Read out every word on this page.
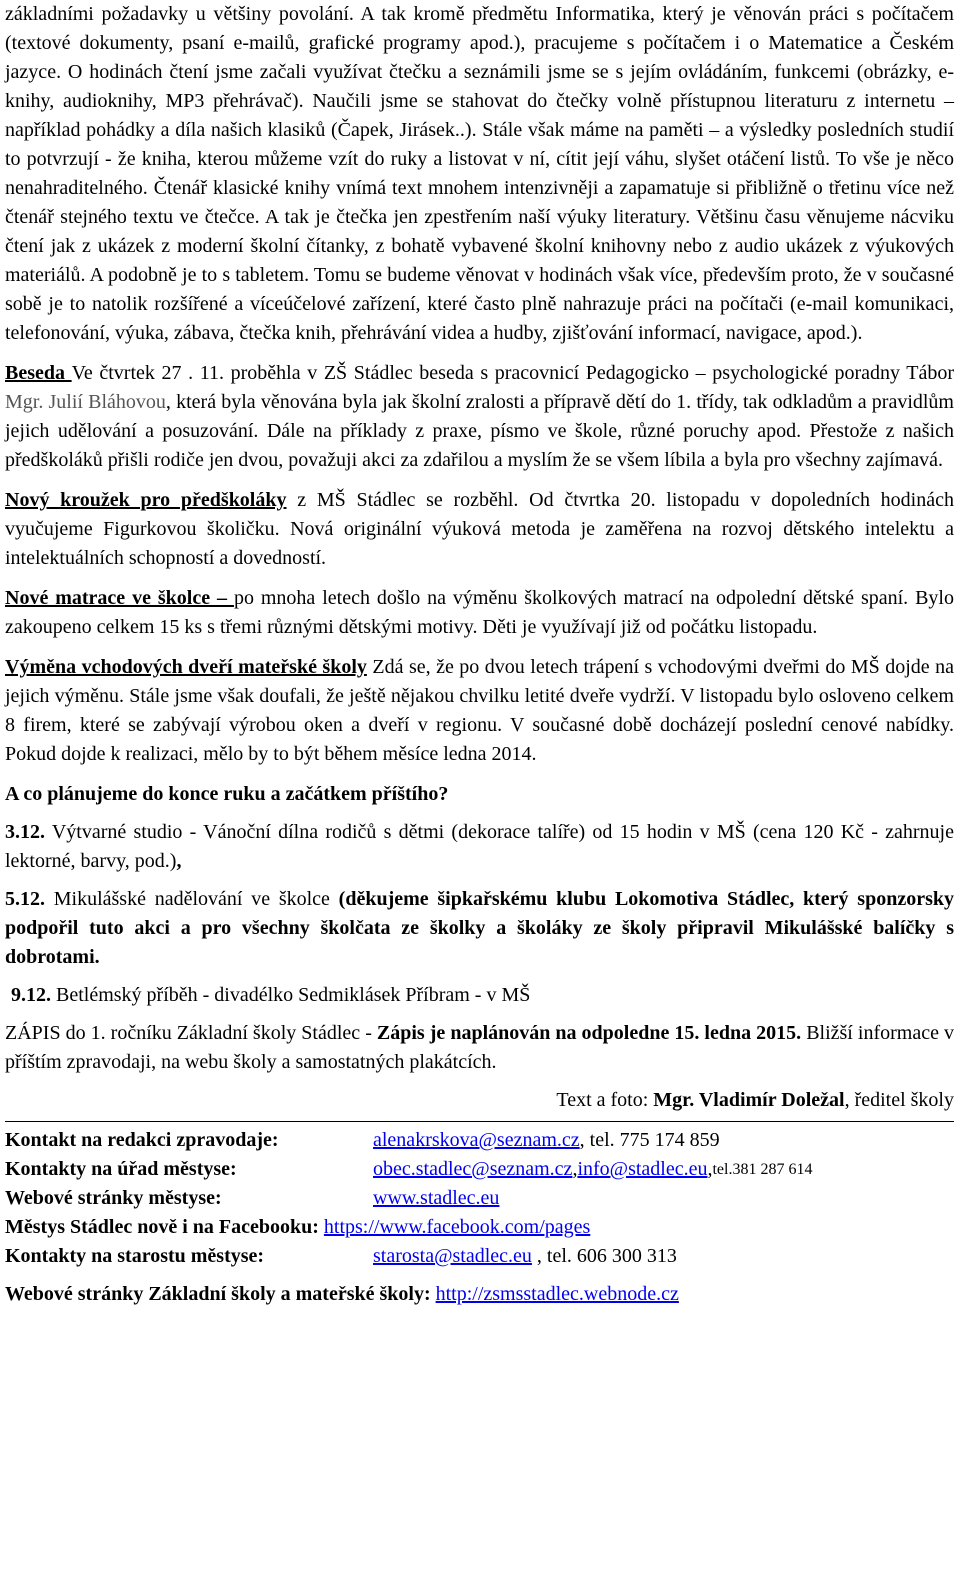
základními požadavky u většiny povolání. A tak kromě předmětu Informatika, který je věnován práci s počítačem (textové dokumenty, psaní e-mailů, grafické programy apod.), pracujeme s počítačem i o Matematice a Českém jazyce. O hodinách čtení jsme začali využívat čtečku a seznámili jsme se s jejím ovládáním, funkcemi (obrázky, e-knihy, audioknihy, MP3 přehrávač). Naučili jsme se stahovat do čtečky volně přístupnou literaturu z internetu – například pohádky a díla našich klasiků (Čapek, Jirásek..). Stále však máme na paměti – a výsledky posledních studií to potvrzují - že kniha, kterou můžeme vzít do ruky a listovat v ní, cítit její váhu, slyšet otáčení listů. To vše je něco nenahraditelného. Čtenář klasické knihy vnímá text mnohem intenzivněji a zapamatuje si přibližně o třetinu více než čtenář stejného textu ve čtečce. A tak je čtečka jen zpestřením naší výuky literatury. Většinu času věnujeme nácviku čtení jak z ukázek z moderní školní čítanky, z bohatě vybavené školní knihovny nebo z audio ukázek z výukových materiálů. A podobně je to s tabletem. Tomu se budeme věnovat v hodinách však více, především proto, že v současné sobě je to natolik rozšířené a víceúčelové zařízení, které často plně nahrazuje práci na počítači (e-mail komunikaci, telefonování, výuka, zábava, čtečka knih, přehrávání videa a hudby, zjišťování informací, navigace, apod.).

Beseda Ve čtvrtek 27 . 11. proběhla v ZŠ Stádlec beseda s pracovnicí Pedagogicko – psychologické poradny Tábor Mgr. Julií Bláhovou, která byla věnována byla jak školní zralosti a přípravě dětí do 1. třídy, tak odkladům a pravidlům jejich udělování a posuzování. Dále na příklady z praxe, písmo ve škole, různé poruchy apod. Přestože z našich předškoláků přišli rodiče jen dvou, považuji akci za zdařilou a myslím že se všem líbila a byla pro všechny zajímavá.

Nový kroužek pro předškoláky z MŠ Stádlec se rozběhl. Od čtvrtka 20. listopadu v dopoledních hodinách vyučujeme Figurkovou školičku. Nová originální výuková metoda je zaměřena na rozvoj dětského intelektu a intelektuálních schopností a dovedností.

Nové matrace ve školce – po mnoha letech došlo na výměnu školkových matrací na odpolední dětské spaní. Bylo zakoupeno celkem 15 ks s třemi různými dětskými motivy. Děti je využívají již od počátku listopadu.

Výměna vchodových dveří mateřské školy Zdá se, že po dvou letech trápení s vchodovými dveřmi do MŠ dojde na jejich výměnu. Stále jsme však doufali, že ještě nějakou chvilku letité dveře vydrží. V listopadu bylo osloveno celkem 8 firem, které se zabývají výrobou oken a dveří v regionu. V současné době docházejí poslední cenové nabídky. Pokud dojde k realizaci, mělo by to být během měsíce ledna 2014.

A co plánujeme do konce ruku a začátkem příštího?

3.12. Výtvarné studio - Vánoční dílna rodičů s dětmi (dekorace talíře) od 15 hodin v MŠ (cena 120 Kč - zahrnuje lektorné, barvy, pod.),

5.12. Mikulášské nadělování ve školce (děkujeme šipkařskému klubu Lokomotiva Stádlec, který sponzorsky podpořil tuto akci a pro všechny školčata ze školky a školáky ze školy připravil Mikulášské balíčky s dobrotami.

9.12. Betlémský příběh - divadélko Sedmiklásek Příbram - v MŠ

ZÁPIS do 1. ročníku Základní školy Stádlec - Zápis je naplánován na odpoledne 15. ledna 2015. Bližší informace v příštím zpravodaji, na webu školy a samostatných plakátcích.

Text a foto: Mgr. Vladimír Doležal, ředitel školy

Kontakt na redakci zpravodaje:	alenakrskova@seznam.cz , tel. 775 174 859
Kontakty na úřad městyse:	obec.stadlec@seznam.cz , info@stadlec.eu , tel.381 287 614
Webové stránky městyse:	www.stadlec.eu
Městys Stádlec nově i na Facebooku: https://www.facebook.com/pages
Kontakty na starostu městyse:	starosta@stadlec.eu , tel. 606 300 313
Webové stránky Základní školy a mateřské školy: http://zsmsstadlec.webnode.cz
